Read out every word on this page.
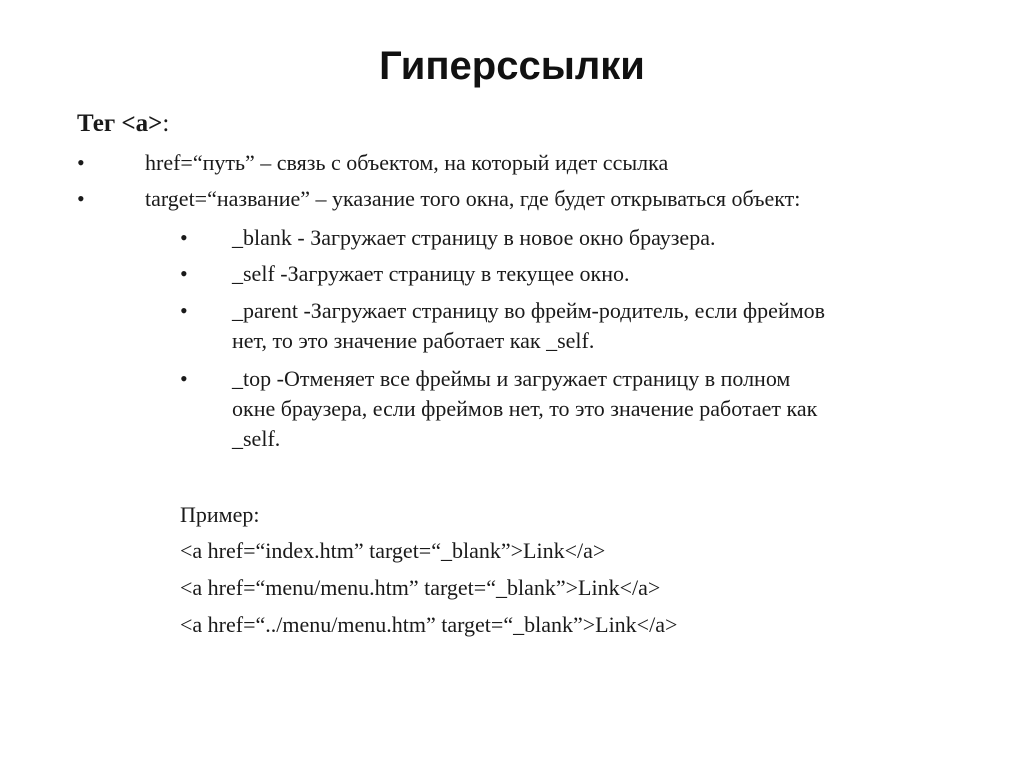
Гиперссылки
Тег <a>:
•	href=“путь” – связь с объектом, на который идет ссылка
•	target=“название” – указание того окна, где будет открываться объект:
• _blank - Загружает страницу в новое окно браузера.
• _self -Загружает страницу в текущее окно.
• _parent -Загружает страницу во фрейм-родитель, если фреймов
нет, то это значение работает как _self.
• _top -Отменяет все фреймы и загружает страницу в полном
окне браузера, если фреймов нет, то это значение работает как
_self.
Пример:
<a href=“index.htm” target=“_blank”>Link</a>
<a href=“menu/menu.htm” target=“_blank”>Link</a>
<a href=“../menu/menu.htm” target=“_blank”>Link</a>
